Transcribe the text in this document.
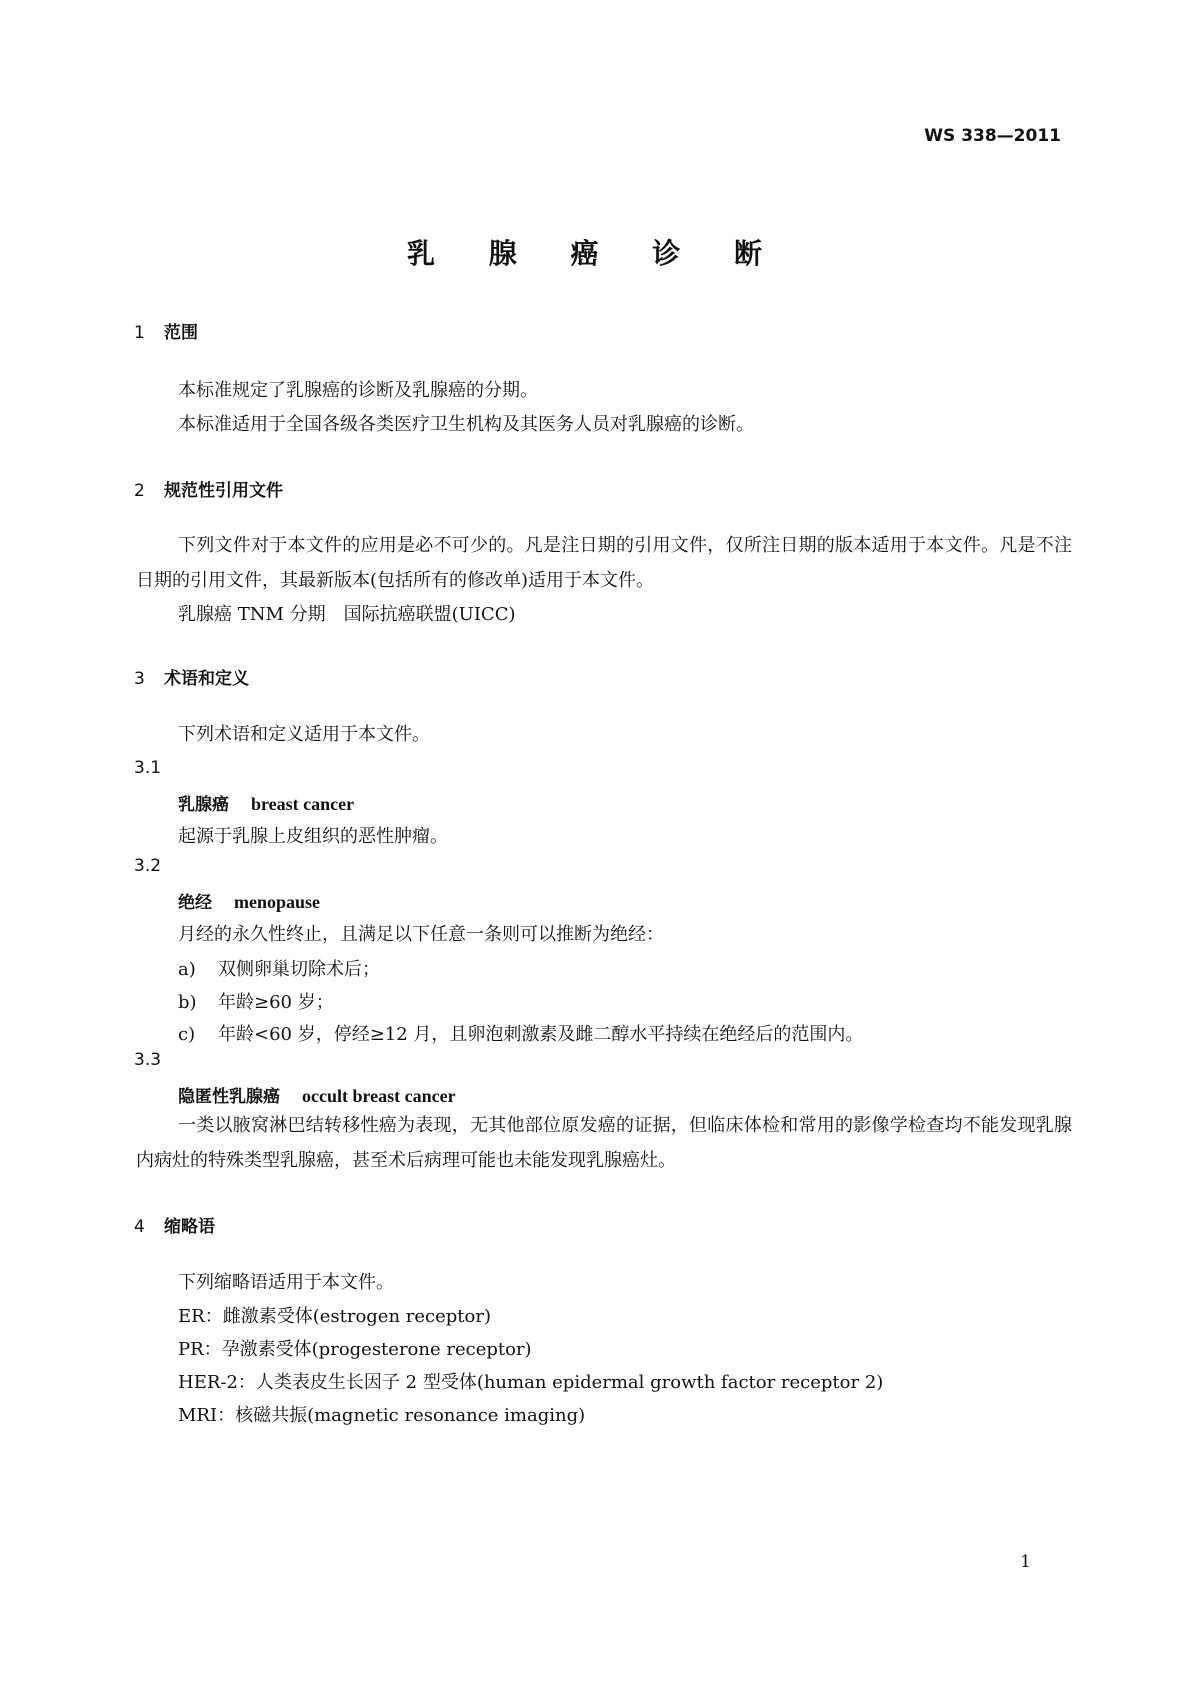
WS 338—2011
乳 腺 癌 诊 断
1 范围
本标准规定了乳腺癌的诊断及乳腺癌的分期。
本标准适用于全国各级各类医疗卫生机构及其医务人员对乳腺癌的诊断。
2 规范性引用文件
下列文件对于本文件的应用是必不可少的。凡是注日期的引用文件，仅所注日期的版本适用于本文件。凡是不注日期的引用文件，其最新版本(包括所有的修改单)适用于本文件。
乳腺癌 TNM 分期　国际抗癌联盟(UICC)
3 术语和定义
下列术语和定义适用于本文件。
3.1
乳腺癌 breast cancer
起源于乳腺上皮组织的恶性肿瘤。
3.2
绝经 menopause
月经的永久性终止，且满足以下任意一条则可以推断为绝经：
a) 双侧卵巢切除术后；
b) 年龄≥60 岁；
c) 年龄<60 岁，停经≥12 月，且卵泡刺激素及雌二醇水平持续在绝经后的范围内。
3.3
隐匿性乳腺癌 occult breast cancer
一类以腋窝淋巴结转移性癌为表现，无其他部位原发癌的证据，但临床体检和常用的影像学检查均不能发现乳腺内病灶的特殊类型乳腺癌，甚至术后病理可能也未能发现乳腺癌灶。
4 缩略语
下列缩略语适用于本文件。
ER：雌激素受体(estrogen receptor)
PR：孕激素受体(progesterone receptor)
HER-2：人类表皮生长因子 2 型受体(human epidermal growth factor receptor 2)
MRI：核磁共振(magnetic resonance imaging)
1
